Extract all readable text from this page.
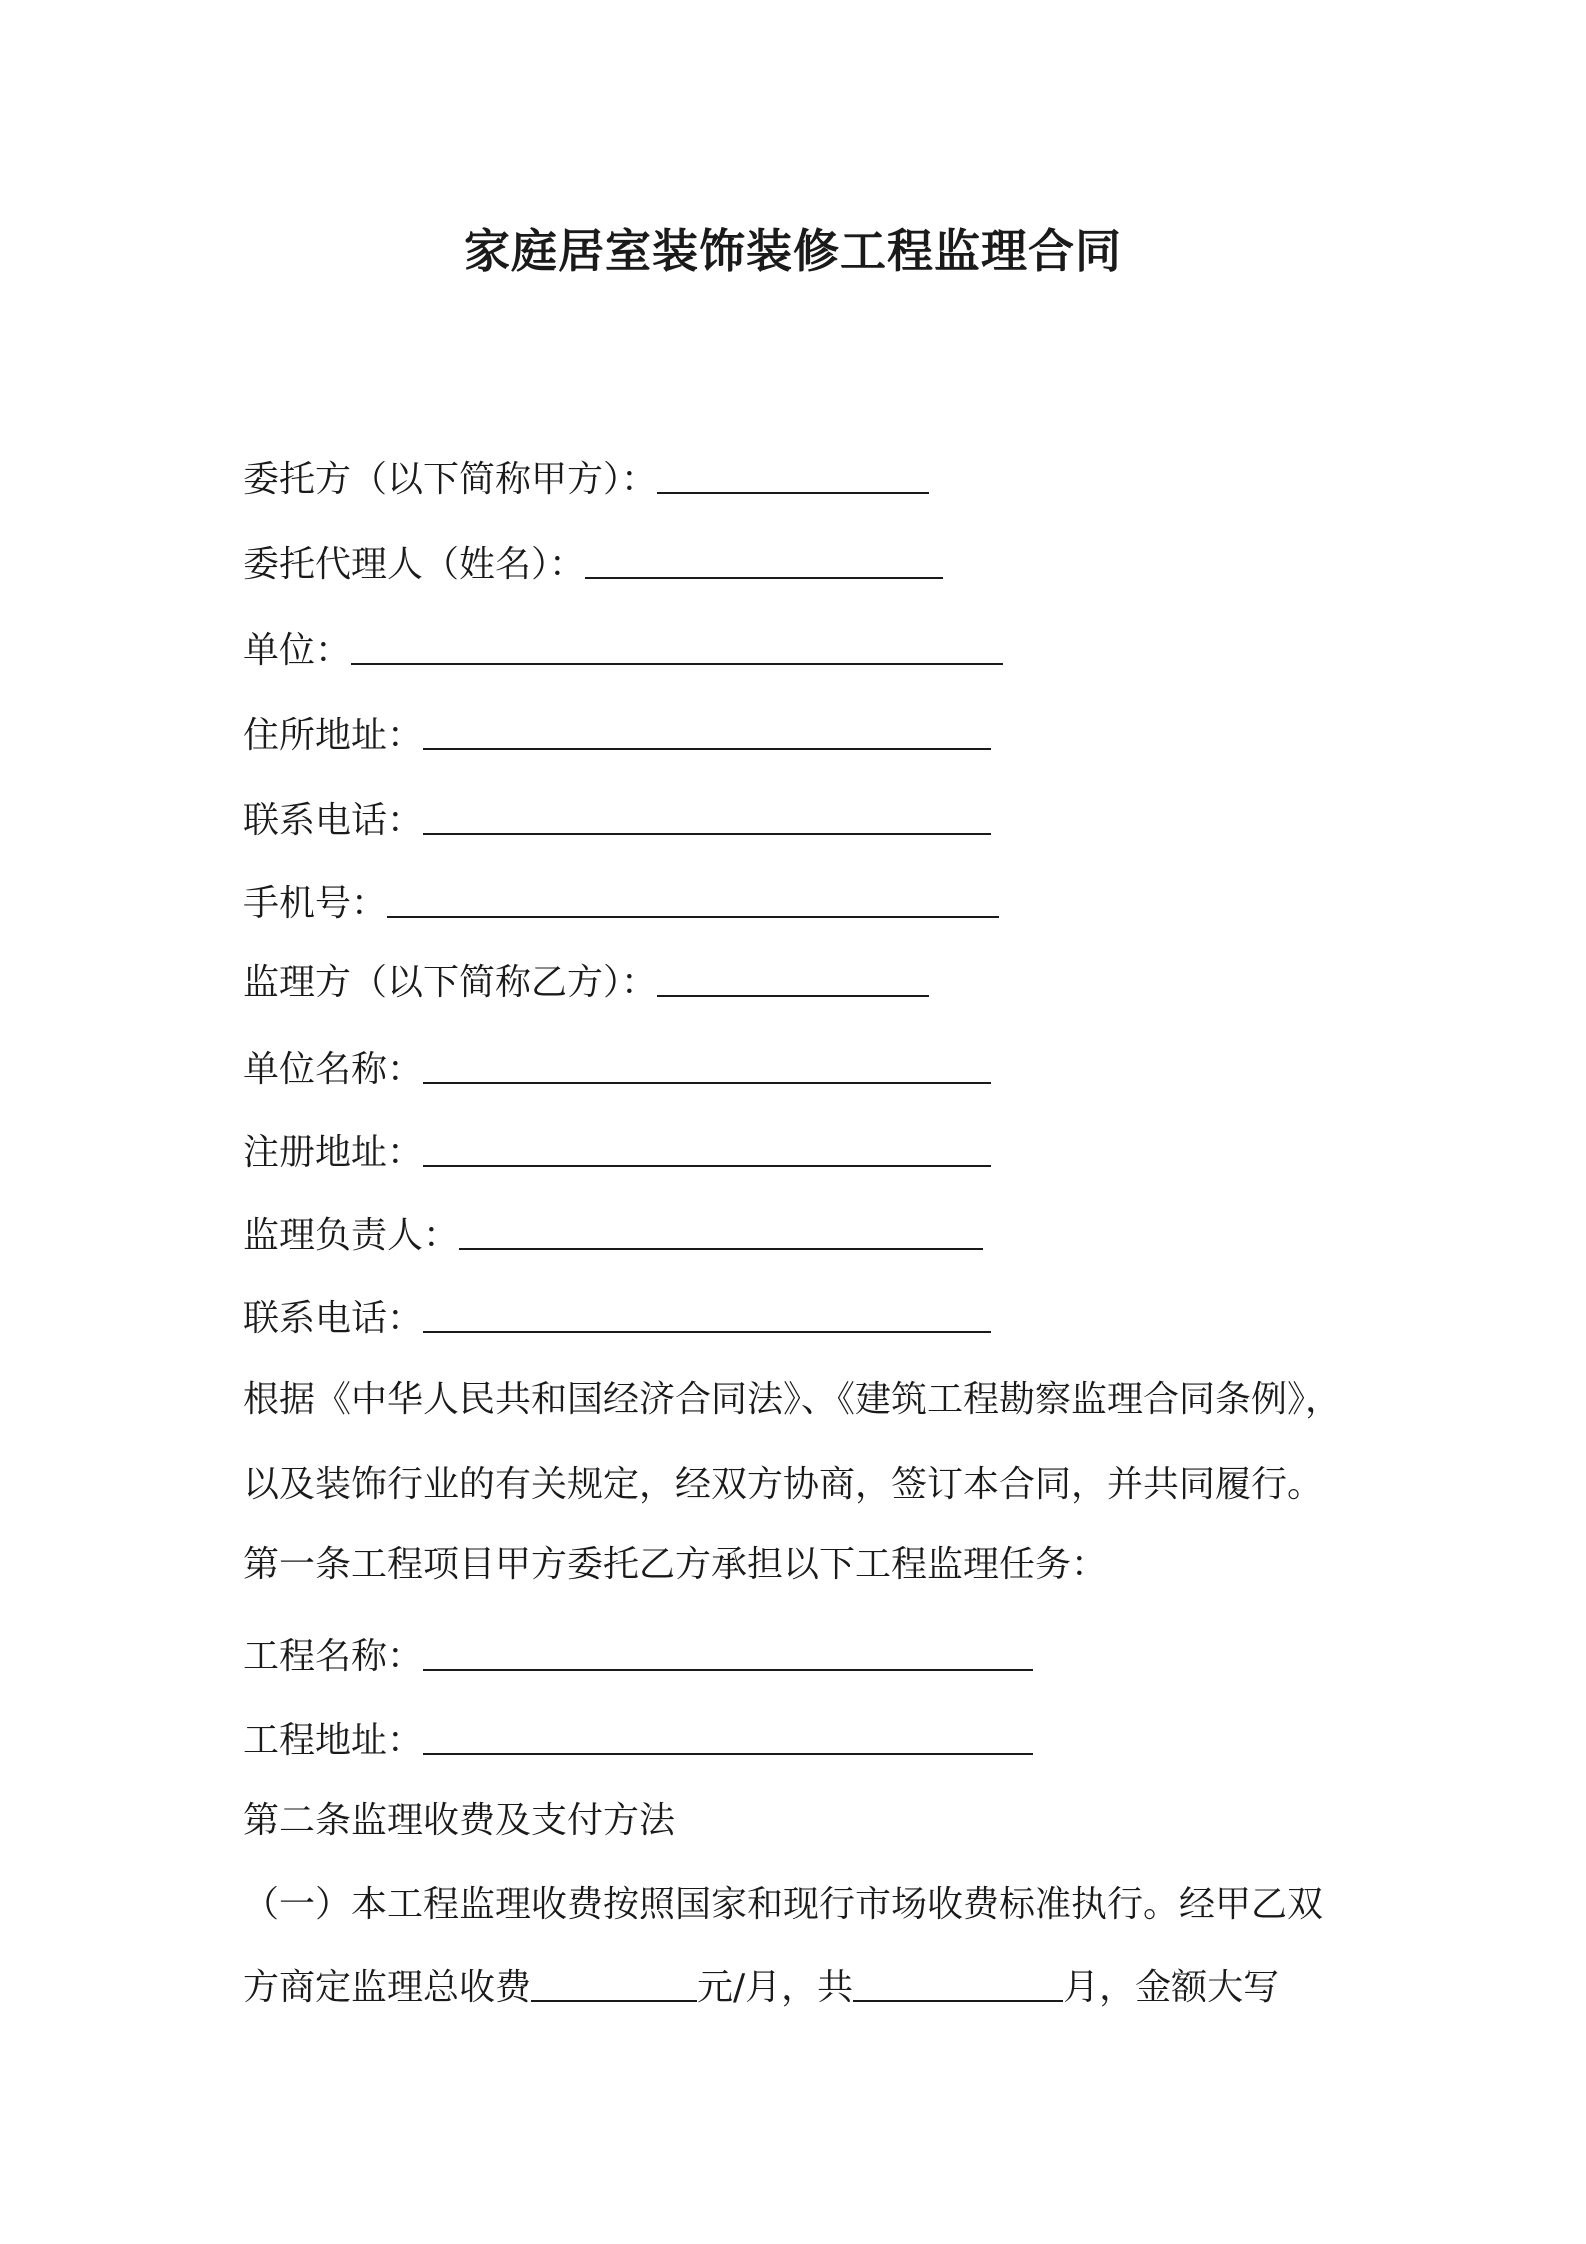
家庭居室装饰装修工程监理合同
委托方（以下简称甲方）：
委托代理人（姓名）：
单位：
住所地址：
联系电话：
手机号：
监理方（以下简称乙方）：
单位名称：
注册地址：
监理负责人：
联系电话：
根据《中华人民共和国经济合同法》、《建筑工程勘察监理合同条例》，
以及装饰行业的有关规定，经双方协商，签订本合同，并共同履行。
第一条工程项目甲方委托乙方承担以下工程监理任务：
工程名称：
工程地址：
第二条监理收费及支付方法
（一）本工程监理收费按照国家和现行市场收费标准执行。经甲乙双
方商定监理总收费	元/月，共	月，金额大写
